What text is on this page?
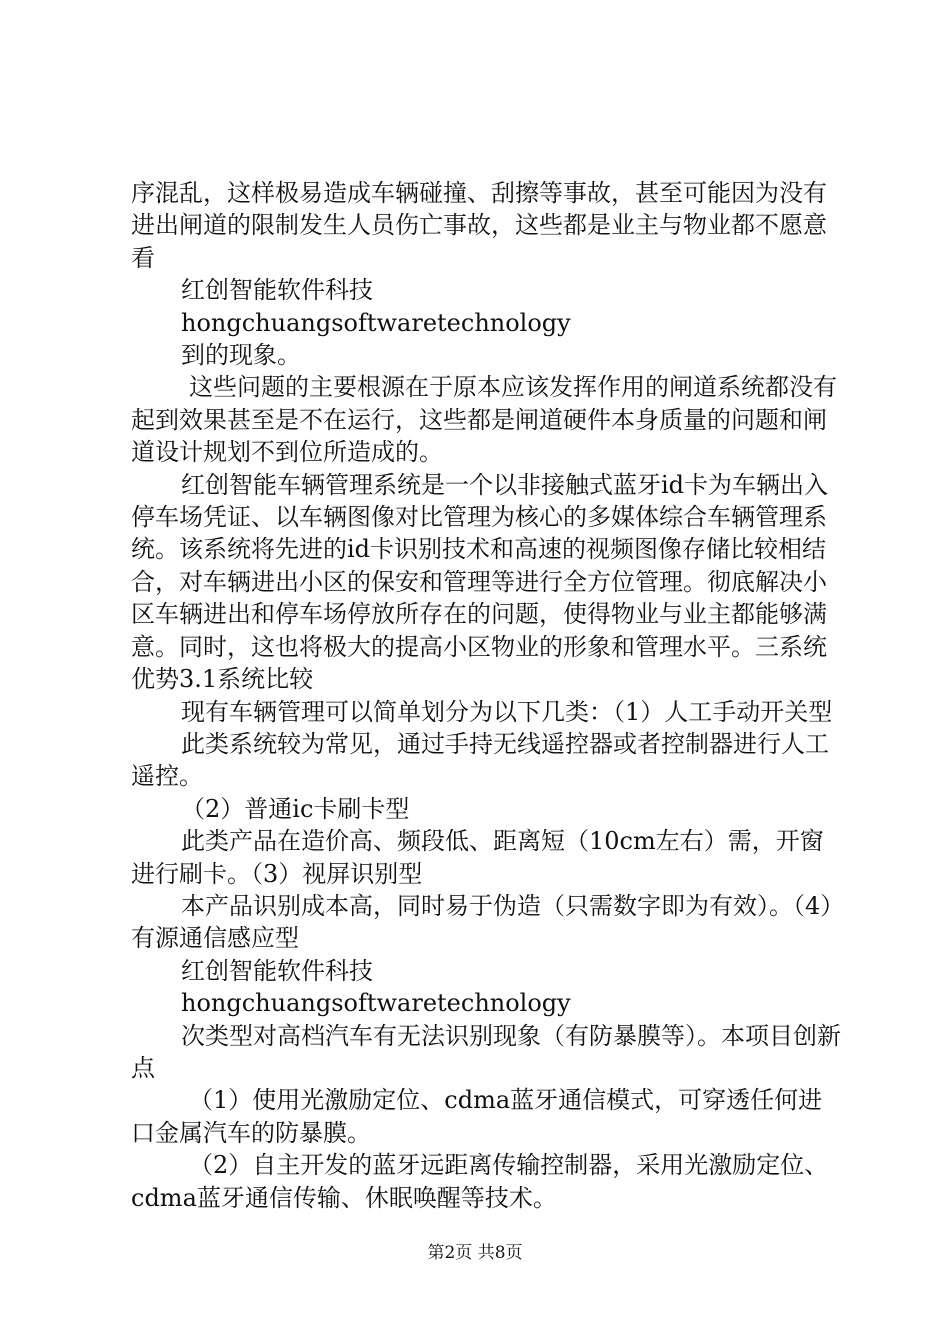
序混乱，这样极易造成车辆碰撞、刮擦等事故，甚至可能因为没有进出闸道的限制发生人员伤亡事故，这些都是业主与物业都不愿意看

红创智能软件科技

hongchuangsoftwaretechnology

到的现象。

这些问题的主要根源在于原本应该发挥作用的闸道系统都没有起到效果甚至是不在运行，这些都是闸道硬件本身质量的问题和闸道设计规划不到位所造成的。

红创智能车辆管理系统是一个以非接触式蓝牙id卡为车辆出入停车场凭证、以车辆图像对比管理为核心的多媒体综合车辆管理系统。该系统将先进的id卡识别技术和高速的视频图像存储比较相结合，对车辆进出小区的保安和管理等进行全方位管理。彻底解决小区车辆进出和停车场停放所存在的问题，使得物业与业主都能够满意。同时，这也将极大的提高小区物业的形象和管理水平。三系统优势3.1系统比较

现有车辆管理可以简单划分为以下几类：（1）人工手动开关型

此类系统较为常见，通过手持无线遥控器或者控制器进行人工遥控。

（2）普通ic卡刷卡型

此类产品在造价高、频段低、距离短（10cm左右）需，开窗进行刷卡。（3）视屏识别型

本产品识别成本高，同时易于伪造（只需数字即为有效）。（4）有源通信感应型

红创智能软件科技

hongchuangsoftwaretechnology

次类型对高档汽车有无法识别现象（有防暴膜等）。本项目创新点

（1）使用光激励定位、cdma蓝牙通信模式，可穿透任何进口金属汽车的防暴膜。

（2）自主开发的蓝牙远距离传输控制器，采用光激励定位、cdma蓝牙通信传输、休眠唤醒等技术。

第2页 共8页
